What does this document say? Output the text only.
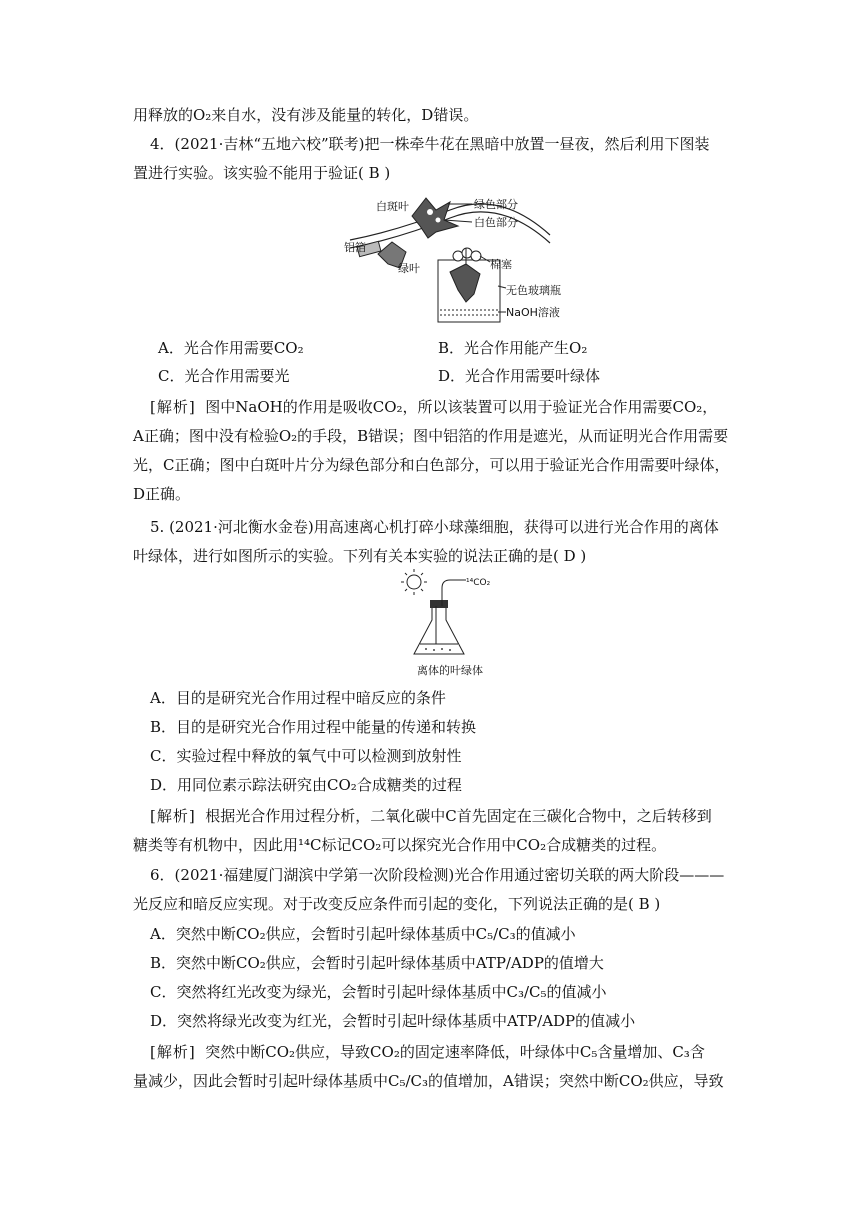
用释放的O₂来自水，没有涉及能量的转化，D错误。
4．(2021·吉林“五地六校”联考)把一株牵牛花在黑暗中放置一昼夜，然后利用下图装
置进行实验。该实验不能用于验证( B )
白斑叶	绿色部分
白色部分
铝箔
绿叶	棉塞
无色玻璃瓶
NaOH溶液
A．光合作用需要CO₂	B．光合作用能产生O₂
C．光合作用需要光	D．光合作用需要叶绿体
[解析] 图中NaOH的作用是吸收CO₂，所以该装置可以用于验证光合作用需要CO₂，
A正确；图中没有检验O₂的手段，B错误；图中铝箔的作用是遮光，从而证明光合作用需要
光，C正确；图中白斑叶片分为绿色部分和白色部分，可以用于验证光合作用需要叶绿体，
D正确。
5. (2021·河北衡水金卷)用高速离心机打碎小球藻细胞，获得可以进行光合作用的离体
叶绿体，进行如图所示的实验。下列有关本实验的说法正确的是( D )
¹⁴CO₂
离体的叶绿体
A．目的是研究光合作用过程中暗反应的条件
B．目的是研究光合作用过程中能量的传递和转换
C．实验过程中释放的氧气中可以检测到放射性
D．用同位素示踪法研究由CO₂合成糖类的过程
[解析] 根据光合作用过程分析，二氧化碳中C首先固定在三碳化合物中，之后转移到
糖类等有机物中，因此用¹⁴C标记CO₂可以探究光合作用中CO₂合成糖类的过程。
6．(2021·福建厦门湖滨中学第一次阶段检测)光合作用通过密切关联的两大阶段———
光反应和暗反应实现。对于改变反应条件而引起的变化，下列说法正确的是( B )
A．突然中断CO₂供应，会暂时引起叶绿体基质中C₅/C₃的值减小
B．突然中断CO₂供应，会暂时引起叶绿体基质中ATP/ADP的值增大
C．突然将红光改变为绿光，会暂时引起叶绿体基质中C₃/C₅的值减小
D．突然将绿光改变为红光，会暂时引起叶绿体基质中ATP/ADP的值减小
[解析] 突然中断CO₂供应，导致CO₂的固定速率降低，叶绿体中C₅含量增加、C₃含
量减少，因此会暂时引起叶绿体基质中C₅/C₃的值增加，A错误；突然中断CO₂供应，导致
